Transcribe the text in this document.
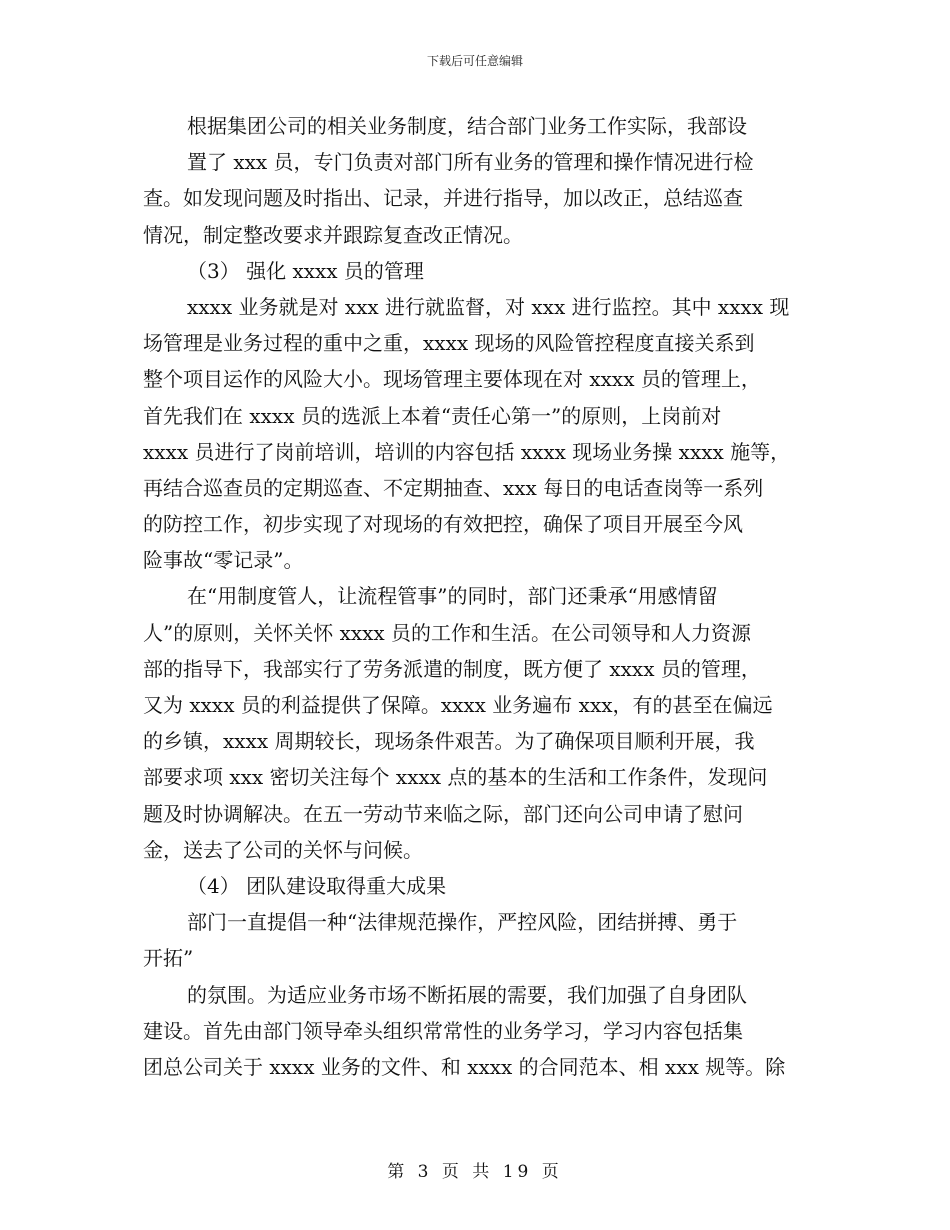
下载后可任意编辑
根据集团公司的相关业务制度，结合部门业务工作实际，我部设
置了 xxx 员，专门负责对部门所有业务的管理和操作情况进行检
查。如发现问题及时指出、记录，并进行指导，加以改正，总结巡查
情况，制定整改要求并跟踪复查改正情况。
（3） 强化 xxxx 员的管理
xxxx 业务就是对 xxx 进行就监督，对 xxx 进行监控。其中 xxxx 现
场管理是业务过程的重中之重，xxxx 现场的风险管控程度直接关系到
整个项目运作的风险大小。现场管理主要体现在对 xxxx 员的管理上，
首先我们在 xxxx 员的选派上本着“责任心第一”的原则，上岗前对
xxxx 员进行了岗前培训，培训的内容包括 xxxx 现场业务操 xxxx 施等，
再结合巡查员的定期巡查、不定期抽查、xxx 每日的电话查岗等一系列
的防控工作，初步实现了对现场的有效把控，确保了项目开展至今风
险事故“零记录”。
在“用制度管人，让流程管事”的同时，部门还秉承“用感情留
人”的原则，关怀关怀 xxxx 员的工作和生活。在公司领导和人力资源
部的指导下，我部实行了劳务派遣的制度，既方便了 xxxx 员的管理，
又为 xxxx 员的利益提供了保障。xxxx 业务遍布 xxx，有的甚至在偏远
的乡镇，xxxx 周期较长，现场条件艰苦。为了确保项目顺利开展，我
部要求项 xxx 密切关注每个 xxxx 点的基本的生活和工作条件，发现问
题及时协调解决。在五一劳动节来临之际，部门还向公司申请了慰问
金，送去了公司的关怀与问候。
（4） 团队建设取得重大成果
部门一直提倡一种“法律规范操作，严控风险，团结拼搏、勇于
开拓”
的氛围。为适应业务市场不断拓展的需要，我们加强了自身团队
建设。首先由部门领导牵头组织常常性的业务学习，学习内容包括集
团总公司关于 xxxx 业务的文件、和 xxxx 的合同范本、相 xxx 规等。除
第 3 页 共 19 页
